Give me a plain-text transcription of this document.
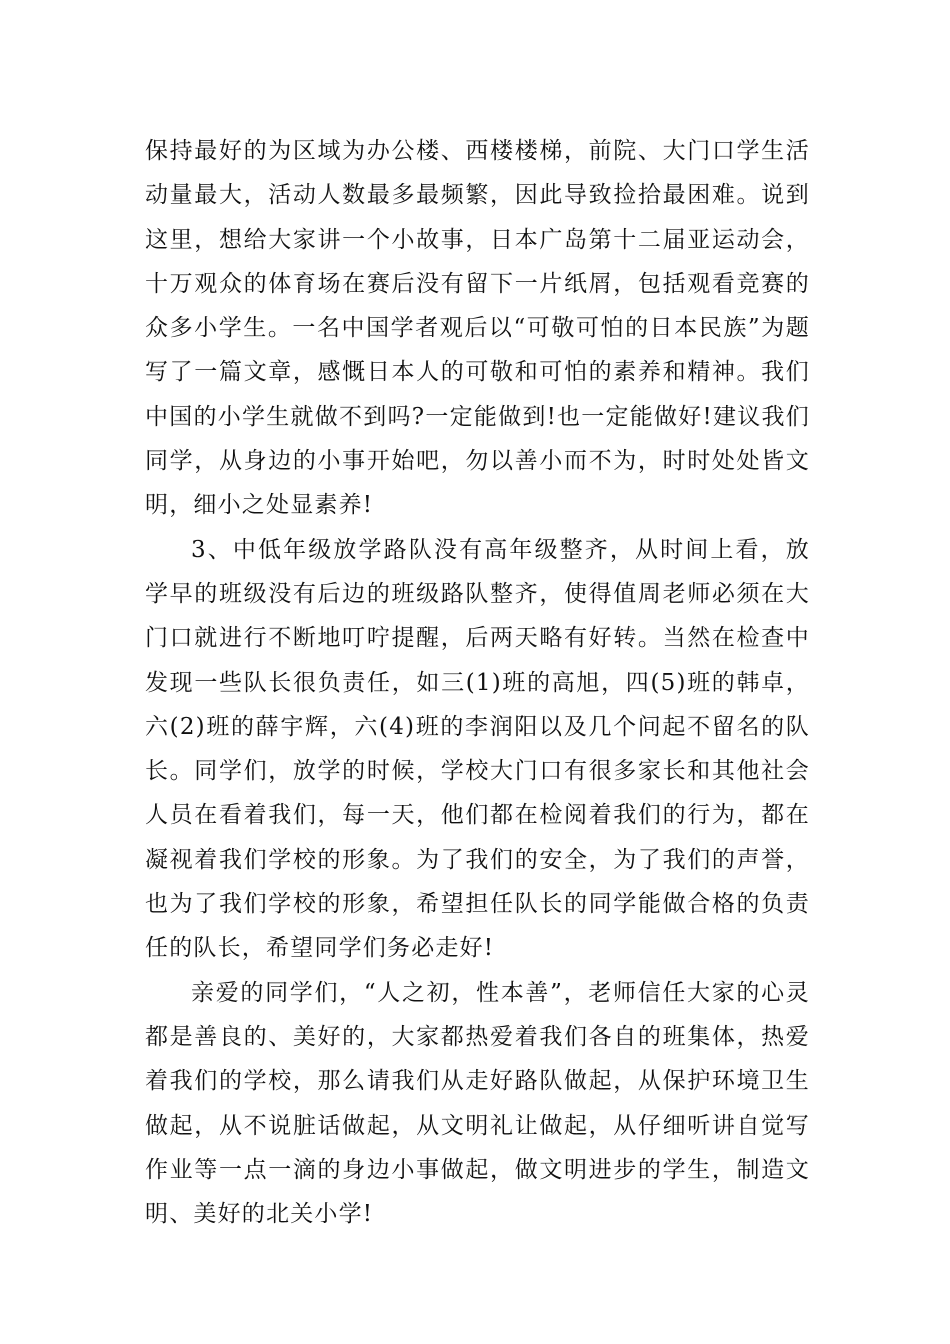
保持最好的为区域为办公楼、西楼楼梯，前院、大门口学生活动量最大，活动人数最多最频繁，因此导致捡拾最困难。说到这里，想给大家讲一个小故事，日本广岛第十二届亚运动会，十万观众的体育场在赛后没有留下一片纸屑，包括观看竞赛的众多小学生。一名中国学者观后以“可敬可怕的日本民族”为题写了一篇文章，感慨日本人的可敬和可怕的素养和精神。我们中国的小学生就做不到吗?一定能做到!也一定能做好!建议我们同学，从身边的小事开始吧，勿以善小而不为，时时处处皆文明，细小之处显素养!

3、中低年级放学路队没有高年级整齐，从时间上看，放学早的班级没有后边的班级路队整齐，使得值周老师必须在大门口就进行不断地叮咛提醒，后两天略有好转。当然在检查中发现一些队长很负责任，如三(1)班的高旭，四(5)班的韩卓，六(2)班的薛宇辉，六(4)班的李润阳以及几个问起不留名的队长。同学们，放学的时候，学校大门口有很多家长和其他社会人员在看着我们，每一天，他们都在检阅着我们的行为，都在凝视着我们学校的形象。为了我们的安全，为了我们的声誉，也为了我们学校的形象，希望担任队长的同学能做合格的负责任的队长，希望同学们务必走好!

亲爱的同学们，“人之初，性本善”，老师信任大家的心灵都是善良的、美好的，大家都热爱着我们各自的班集体，热爱着我们的学校，那么请我们从走好路队做起，从保护环境卫生做起，从不说脏话做起，从文明礼让做起，从仔细听讲自觉写作业等一点一滴的身边小事做起，做文明进步的学生，制造文明、美好的北关小学!
